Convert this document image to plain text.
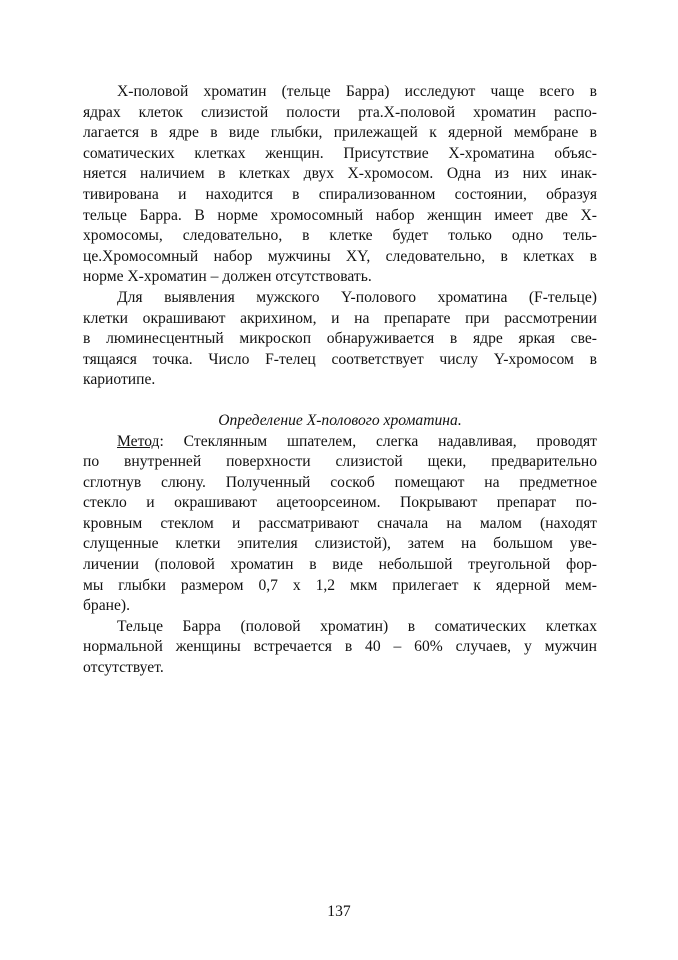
Х-половой хроматин (тельце Барра) исследуют чаще всего в
ядрах клеток слизистой полости рта.Х-половой хроматин распо-
лагается в ядре в виде глыбки, прилежащей к ядерной мембране в
соматических клетках женщин. Присутствие Х-хроматина объяс-
няется наличием в клетках двух Х-хромосом. Одна из них инак-
тивирована и находится в спирализованном состоянии, образуя
тельце Барра. В норме хромосомный набор женщин имеет две Х-
хромосомы, следовательно, в клетке будет только одно тель-
це.Хромосомный набор мужчины XY, следовательно, в клетках в
норме Х-хроматин – должен отсутствовать.
Для выявления мужского Y-полового хроматина (F-тельце)
клетки окрашивают акрихином, и на препарате при рассмотрении
в люминесцентный микроскоп обнаруживается в ядре яркая све-
тящаяся точка. Число F-телец соответствует числу Y-хромосом в
кариотипе.
Определение Х-полового хроматина.
Метод: Стеклянным шпателем, слегка надавливая, проводят
по внутренней поверхности слизистой щеки, предварительно
сглотнув слюну. Полученный соскоб помещают на предметное
стекло и окрашивают ацетоорсеином. Покрывают препарат по-
кровным стеклом и рассматривают сначала на малом (находят
слущенные клетки эпителия слизистой), затем на большом уве-
личении (половой хроматин в виде небольшой треугольной фор-
мы глыбки размером 0,7 х 1,2 мкм прилегает к ядерной мем-
бране).
Тельце Барра (половой хроматин) в соматических клетках
нормальной женщины встречается в 40 – 60% случаев, у мужчин
отсутствует.
137
